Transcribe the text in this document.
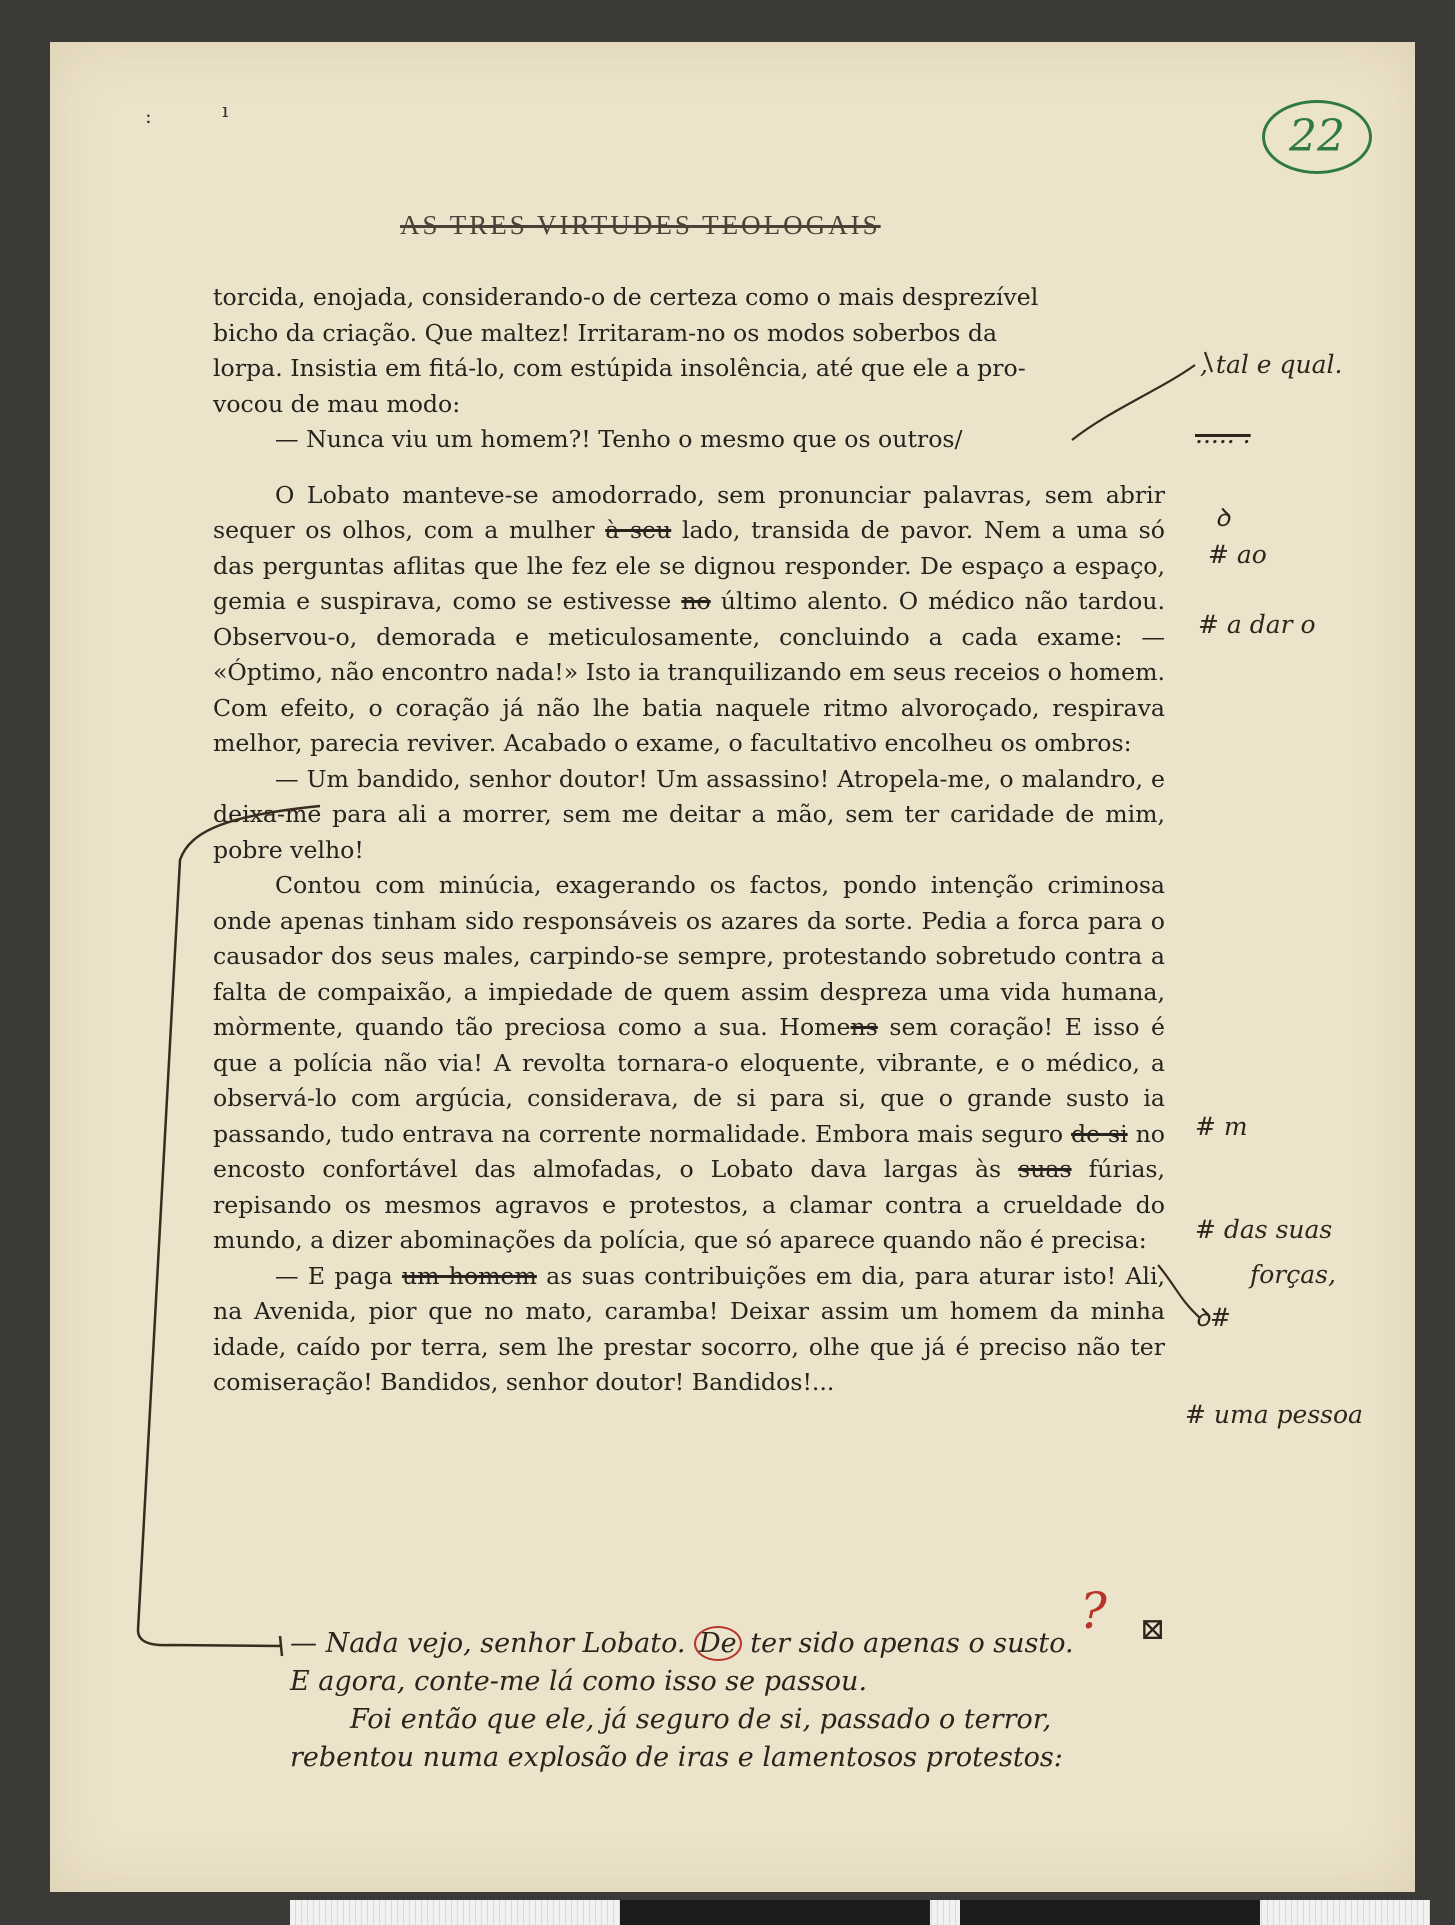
22
:	ı
AS TRES VIRTUDES TEOLOGAIS

torcida, enojada, considerando-o de certeza como o mais desprezível

bicho da criação. Que maltez! Irritaram-no os modos soberbos da

lorpa. Insistia em fitá-lo, com estúpida insolência, até que ele a pro-

vocou de mau modo:

— Nunca viu um homem?! Tenho o mesmo que os outros/

O Lobato manteve-se amodorrado, sem pronunciar palavras, sem abrir sequer os olhos, com a mulher à seu lado, transida de pavor. Nem a uma só das perguntas aflitas que lhe fez ele se dignou responder. De espaço a espaço, gemia e suspirava, como se estivesse no último alento. O médico não tardou. Observou-o, demorada e meticulosamente, concluindo a cada exame: — «Óptimo, não encontro nada!» Isto ia tranquilizando em seus receios o homem. Com efeito, o coração já não lhe batia naquele ritmo alvoroçado, respirava melhor, parecia reviver. Acabado o exame, o facultativo encolheu os ombros:

— Um bandido, senhor doutor! Um assassino! Atropela-me, o malandro, e deixa-me para ali a morrer, sem me deitar a mão, sem ter caridade de mim, pobre velho!

Contou com minúcia, exagerando os factos, pondo intenção criminosa onde apenas tinham sido responsáveis os azares da sorte. Pedia a forca para o causador dos seus males, carpindo-se sempre, protestando sobretudo contra a falta de compaixão, a impiedade de quem assim despreza uma vida humana, mòrmente, quando tão preciosa como a sua. Homens sem coração! E isso é que a polícia não via! A revolta tornara-o eloquente, vibrante, e o médico, a observá-lo com argúcia, considerava, de si para si, que o grande susto ia passando, tudo entrava na corrente normalidade. Embora mais seguro de si no encosto confortável das almofadas, o Lobato dava largas às suas fúrias, repisando os mesmos agravos e protestos, a clamar contra a crueldade do mundo, a dizer abominações da polícia, que só aparece quando não é precisa:

— E paga um homem as suas contribuições em dia, para aturar isto! Ali, na Avenida, pior que no mato, caramba! Deixar assim um homem da minha idade, caído por terra, sem lhe prestar socorro, olhe que já é preciso não ter comiseração! Bandidos, senhor doutor! Bandidos!...

, tal e qual.
..... .
ꝺ
# ao
# a dar o
# m
# das suas
forças,
ꝺ#
# uma pessoa

— Nada vejo, senhor Lobato. De ter sido apenas o susto. E agora, conte-me lá como isso se passou.

Foi então que ele, já seguro de si, passado o terror, rebentou numa explosão de iras e lamentosos protestos:

? ⊠
